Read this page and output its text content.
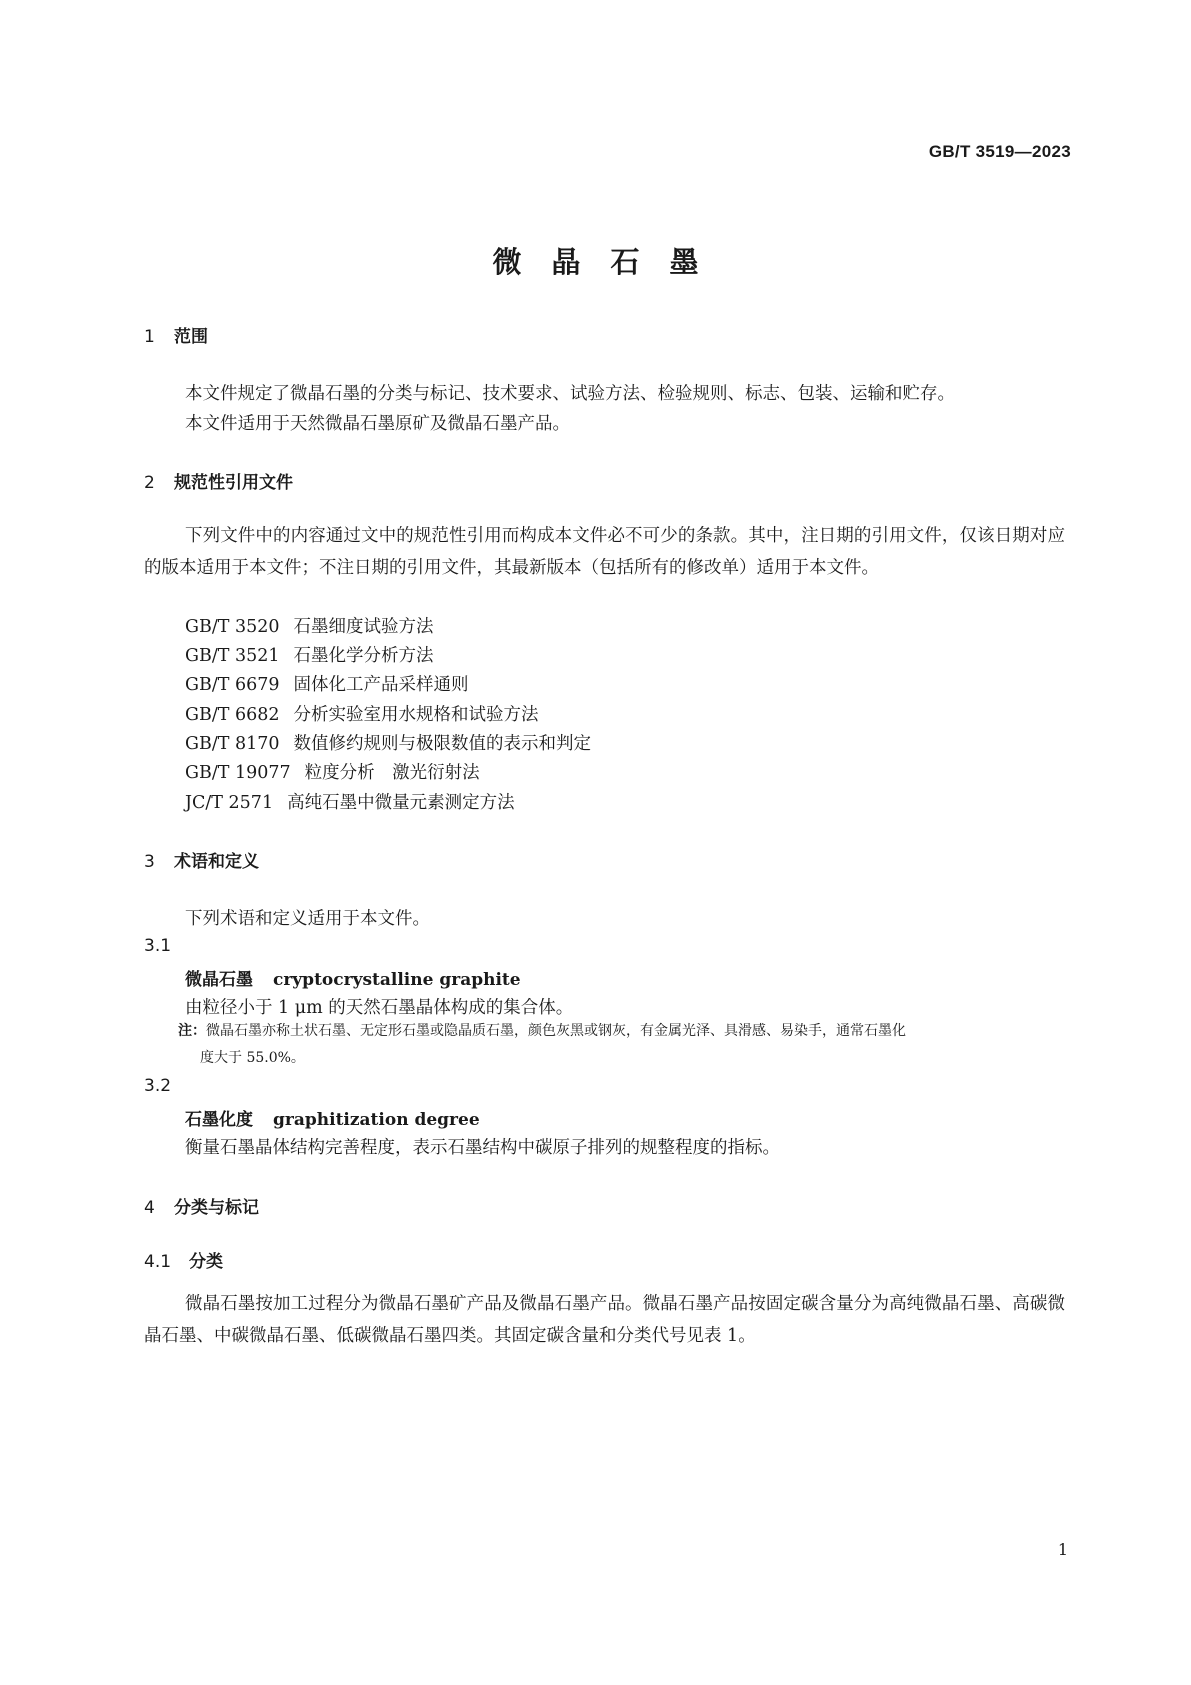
GB/T 3519—2023
微晶石墨
1 范围
本文件规定了微晶石墨的分类与标记、技术要求、试验方法、检验规则、标志、包装、运输和贮存。
本文件适用于天然微晶石墨原矿及微晶石墨产品。
2 规范性引用文件
下列文件中的内容通过文中的规范性引用而构成本文件必不可少的条款。其中，注日期的引用文件，仅该日期对应的版本适用于本文件；不注日期的引用文件，其最新版本（包括所有的修改单）适用于本文件。
GB/T 3520 石墨细度试验方法
GB/T 3521 石墨化学分析方法
GB/T 6679 固体化工产品采样通则
GB/T 6682 分析实验室用水规格和试验方法
GB/T 8170 数值修约规则与极限数值的表示和判定
GB/T 19077 粒度分析　激光衍射法
JC/T 2571 高纯石墨中微量元素测定方法
3 术语和定义
下列术语和定义适用于本文件。
3.1
微晶石墨 cryptocrystalline graphite
由粒径小于 1 μm 的天然石墨晶体构成的集合体。
注：微晶石墨亦称土状石墨、无定形石墨或隐晶质石墨，颜色灰黑或钢灰，有金属光泽、具滑感、易染手，通常石墨化
度大于 55.0%。
3.2
石墨化度 graphitization degree
衡量石墨晶体结构完善程度，表示石墨结构中碳原子排列的规整程度的指标。
4 分类与标记
4.1 分类
微晶石墨按加工过程分为微晶石墨矿产品及微晶石墨产品。微晶石墨产品按固定碳含量分为高纯微晶石墨、高碳微晶石墨、中碳微晶石墨、低碳微晶石墨四类。其固定碳含量和分类代号见表 1。
1
